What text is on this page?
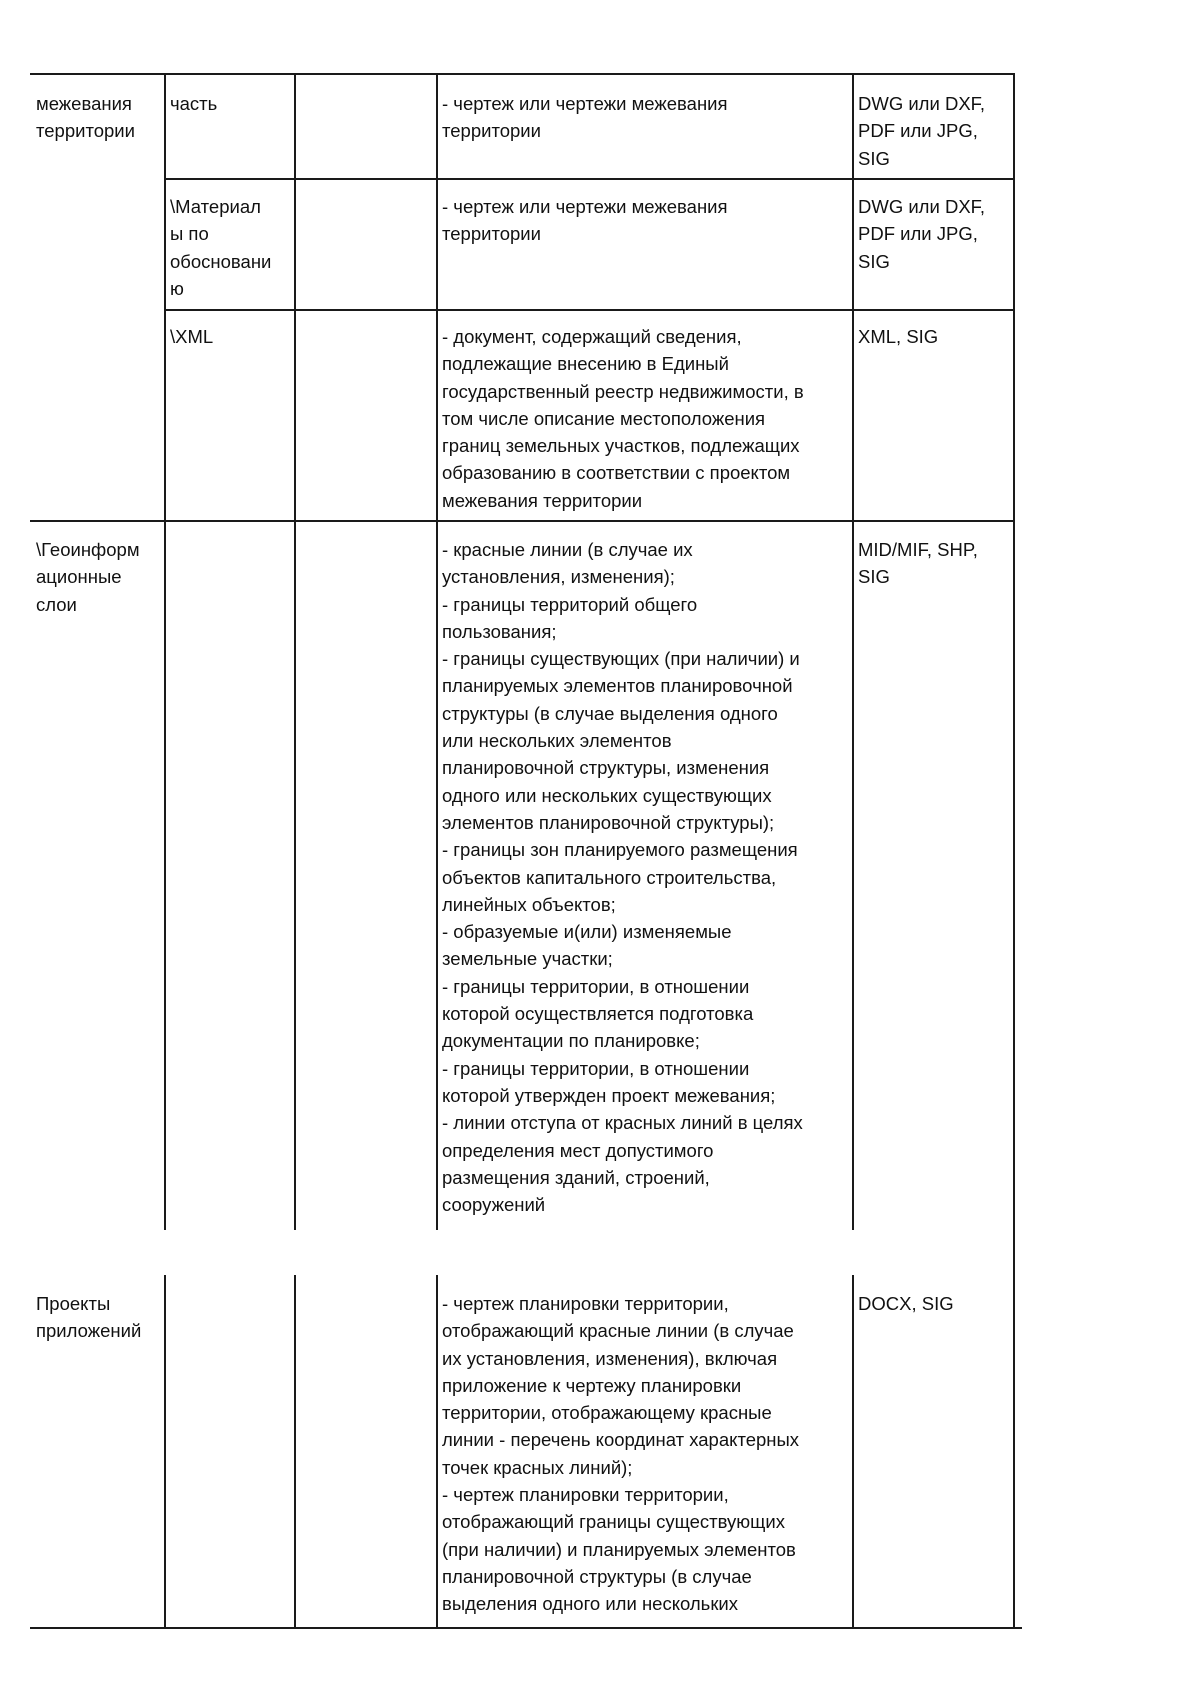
межевания
территории
часть	- чертеж или чертежи межевания
территории
DWG или DXF,
PDF или JPG,
SIG
\Материал
ы по
обосновани
ю
- чертеж или чертежи межевания
территории
DWG или DXF,
PDF или JPG,
SIG
\XML	- документ, содержащий сведения,
подлежащие внесению в Единый
государственный реестр недвижимости, в
том числе описание местоположения
границ земельных участков, подлежащих
образованию в соответствии с проектом
межевания территории
XML, SIG
\Геоинформ
ационные
слои
- красные линии (в случае их
установления, изменения);
- границы территорий общего
пользования;
- границы существующих (при наличии) и
планируемых элементов планировочной
структуры (в случае выделения одного
или нескольких элементов
планировочной структуры, изменения
одного или нескольких существующих
элементов планировочной структуры);
- границы зон планируемого размещения
объектов капитального строительства,
линейных объектов;
- образуемые и(или) изменяемые
земельные участки;
- границы территории, в отношении
которой осуществляется подготовка
документации по планировке;
- границы территории, в отношении
которой утвержден проект межевания;
- линии отступа от красных линий в целях
определения мест допустимого
размещения зданий, строений,
сооружений
MID/MIF, SHP,
SIG
Проекты
приложений
- чертеж планировки территории,
отображающий красные линии (в случае
их установления, изменения), включая
приложение к чертежу планировки
территории, отображающему красные
линии - перечень координат характерных
точек красных линий);
- чертеж планировки территории,
отображающий границы существующих
(при наличии) и планируемых элементов
планировочной структуры (в случае
выделения одного или нескольких
DOCX, SIG
